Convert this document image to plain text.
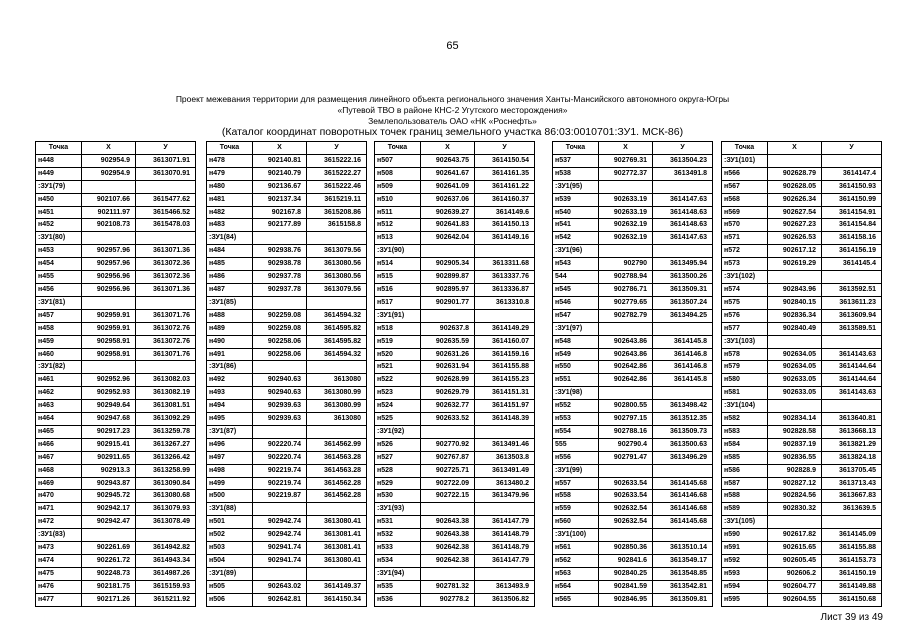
65
Проект межевания территории для размещения линейного объекта регионального значения Ханты-Мансийского автономного округа-Югры
«Путевой ТВО в районе КНС-2 Угутского месторождения»
Землепользователь ОАО «НК «Роснефть»
(Каталог координат поворотных точек границ земельного участка 86:03:0010701:ЗУ1. МСК-86)
Точка	X	У
н448	902954.9	3613071.91
н449	902954.9	3613070.91
:ЗУ1(79)		
н450	902107.66	3615477.62
н451	902111.97	3615466.52
н452	902108.73	3615478.03
:ЗУ1(80)		
н453	902957.96	3613071.36
н454	902957.96	3613072.36
н455	902956.96	3613072.36
н456	902956.96	3613071.36
:ЗУ1(81)		
н457	902959.91	3613071.76
н458	902959.91	3613072.76
н459	902958.91	3613072.76
н460	902958.91	3613071.76
:ЗУ1(82)		
н461	902952.96	3613082.03
н462	902952.93	3613082.19
н463	902949.64	3613081.51
н464	902947.68	3613092.29
н465	902917.23	3613259.78
н466	902915.41	3613267.27
н467	902911.65	3613266.42
н468	902913.3	3613258.99
н469	902943.87	3613090.84
н470	902945.72	3613080.68
н471	902942.17	3613079.93
н472	902942.47	3613078.49
:ЗУ1(83)		
н473	902261.69	3614942.82
н474	902261.72	3614943.34
н475	902248.73	3614987.26
н476	902181.75	3615159.93
н477	902171.26	3615211.92
Точка	X	У
н478	902140.81	3615222.16
н479	902140.79	3615222.27
н480	902136.67	3615222.46
н481	902137.34	3615219.11
н482	902167.8	3615208.86
н483	902177.89	3615158.8
:ЗУ1(84)		
н484	902938.76	3613079.56
н485	902938.78	3613080.56
н486	902937.78	3613080.56
н487	902937.78	3613079.56
:ЗУ1(85)		
н488	902259.08	3614594.32
н489	902259.08	3614595.82
н490	902258.06	3614595.82
н491	902258.06	3614594.32
:ЗУ1(86)		
н492	902940.63	3613080
н493	902940.63	3613080.99
н494	902939.63	3613080.99
н495	902939.63	3613080
:ЗУ1(87)		
н496	902220.74	3614562.99
н497	902220.74	3614563.28
н498	902219.74	3614563.28
н499	902219.74	3614562.28
н500	902219.87	3614562.28
:ЗУ1(88)		
н501	902942.74	3613080.41
н502	902942.74	3613081.41
н503	902941.74	3613081.41
н504	902941.74	3613080.41
:ЗУ1(89)		
н505	902643.02	3614149.37
н506	902642.81	3614150.34
Точка	X	У
н507	902643.75	3614150.54
н508	902641.67	3614161.35
н509	902641.09	3614161.22
н510	902637.06	3614160.37
н511	902639.27	3614149.6
н512	902641.83	3614150.13
н513	902642.04	3614149.16
:ЗУ1(90)		
н514	902905.34	3613311.68
н515	902899.87	3613337.76
н516	902895.97	3613336.87
н517	902901.77	3613310.8
:ЗУ1(91)		
н518	902637.8	3614149.29
н519	902635.59	3614160.07
н520	902631.26	3614159.16
н521	902631.94	3614155.88
н522	902628.99	3614155.23
н523	902629.79	3614151.31
н524	902632.77	3614151.97
н525	902633.52	3614148.39
:ЗУ1(92)		
н526	902770.92	3613491.46
н527	902767.87	3613503.8
н528	902725.71	3613491.49
н529	902722.09	3613480.2
н530	902722.15	3613479.96
:ЗУ1(93)		
н531	902643.38	3614147.79
н532	902643.38	3614148.79
н533	902642.38	3614148.79
н534	902642.38	3614147.79
:ЗУ1(94)		
н535	902781.32	3613493.9
н536	902778.2	3613506.82
Точка	X	У
н537	902769.31	3613504.23
н538	902772.37	3613491.8
:ЗУ1(95)		
н539	902633.19	3614147.63
н540	902633.19	3614148.63
н541	902632.19	3614148.63
н542	902632.19	3614147.63
:ЗУ1(96)		
н543	902790	3613495.94
544	902788.94	3613500.26
н545	902786.71	3613509.31
н546	902779.65	3613507.24
н547	902782.79	3613494.25
:ЗУ1(97)		
н548	902643.86	3614145.8
н549	902643.86	3614146.8
н550	902642.86	3614146.8
н551	902642.86	3614145.8
:ЗУ1(98)		
н552	902800.55	3613498.42
н553	902797.15	3613512.35
н554	902788.16	3613509.73
555	902790.4	3613500.63
н556	902791.47	3613496.29
:ЗУ1(99)		
н557	902633.54	3614145.68
н558	902633.54	3614146.68
н559	902632.54	3614146.68
н560	902632.54	3614145.68
:ЗУ1(100)		
н561	902850.36	3613510.14
н562	902841.6	3613549.17
н563	902840.25	3613548.85
н564	902841.59	3613542.81
н565	902846.95	3613509.81
Точка	X	У
:ЗУ1(101)		
н566	902628.79	3614147.4
н567	902628.05	3614150.93
н568	902626.34	3614150.99
н569	902627.54	3614154.91
н570	902627.23	3614154.84
н571	902626.53	3614158.16
н572	902617.12	3614156.19
н573	902619.29	3614145.4
:ЗУ1(102)		
н574	902843.96	3613592.51
н575	902840.15	3613611.23
н576	902836.34	3613609.94
н577	902840.49	3613589.51
:ЗУ1(103)		
н578	902634.05	3614143.63
н579	902634.05	3614144.64
н580	902633.05	3614144.64
н581	902633.05	3614143.63
:ЗУ1(104)		
н582	902834.14	3613640.81
н583	902828.58	3613668.13
н584	902837.19	3613821.29
н585	902836.55	3613824.18
н586	902828.9	3613705.45
н587	902827.12	3613713.43
н588	902824.56	3613667.83
н589	902830.32	3613639.5
:ЗУ1(105)		
н590	902617.82	3614145.09
н591	902615.65	3614155.88
н592	902605.45	3614153.73
н593	902606.2	3614150.19
н594	902604.77	3614149.88
н595	902604.55	3614150.68
Лист 39 из 49
